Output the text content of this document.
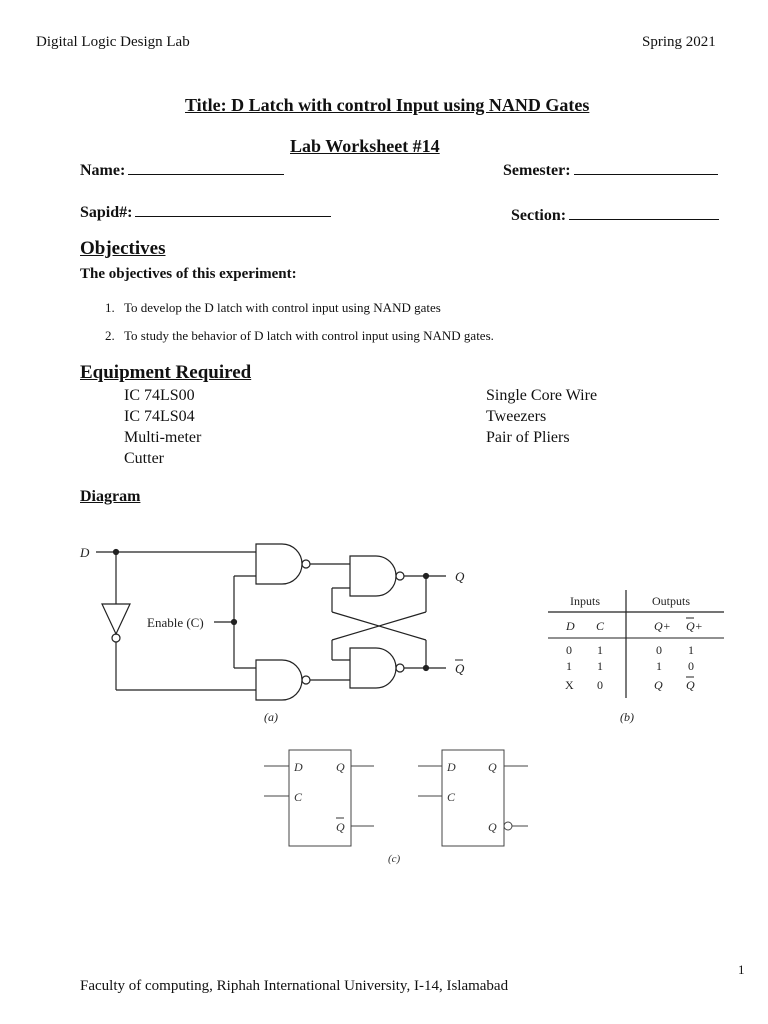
Digital Logic Design Lab	Spring 2021
Title: D Latch with control Input using NAND Gates
Lab Worksheet #14
Name:	Semester:
Sapid#:	Section:
Objectives
The objectives of this experiment:
1. To develop the D latch with control input using NAND gates
2. To study the behavior of D latch with control input using NAND gates.
Equipment Required
IC 74LS00
IC 74LS04
Multi-meter
Cutter
Single Core Wire
Tweezers
Pair of Pliers
Diagram
D
Enable (C)
Q
Q
(a)
Inputs	Outputs
D C	Q+ Q+
0 1	0 1
1 1	1 0
X 0	Q Q
(b)
D
C
Q
Q
D
C
Q
Q
(c)
1
Faculty of computing, Riphah International University, I-14, Islamabad
